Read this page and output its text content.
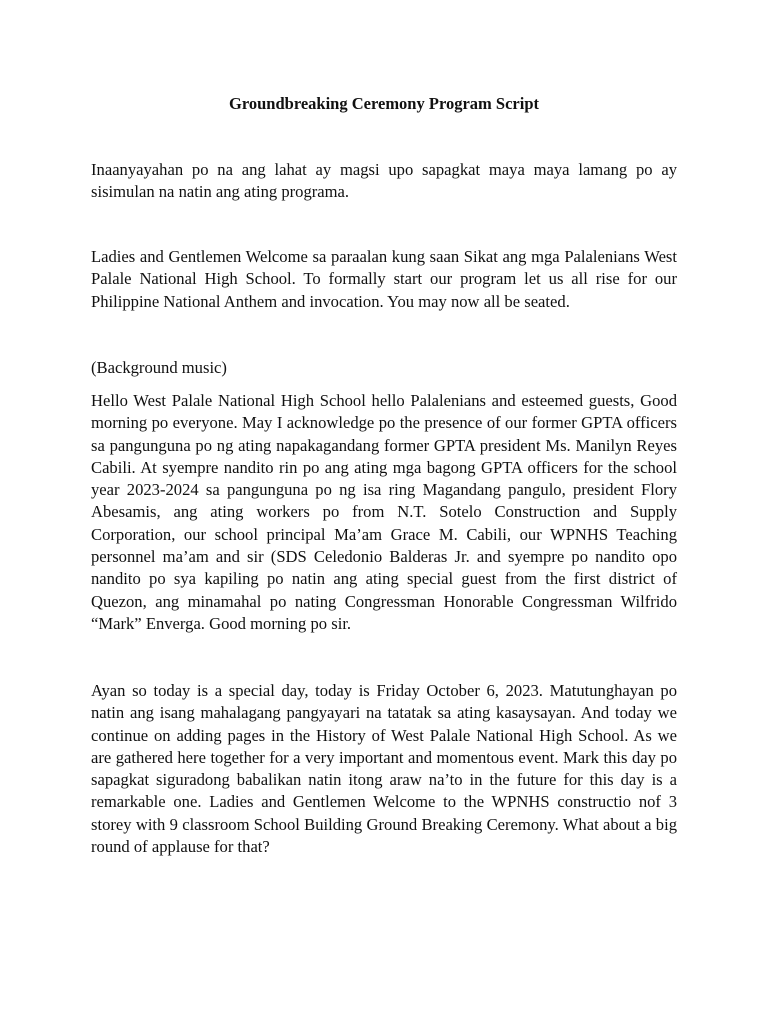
Groundbreaking Ceremony Program Script

Inaanyayahan po na ang lahat ay magsi upo sapagkat maya maya lamang po ay sisimulan na natin ang ating programa.

Ladies and Gentlemen Welcome sa paraalan kung saan Sikat ang mga Palalenians West Palale National High School. To formally start our program let us all rise for our Philippine National Anthem and invocation. You may now all be seated.

(Background music)

Hello West Palale National High School hello Palalenians and esteemed guests, Good morning po everyone. May I acknowledge po the presence of our former GPTA officers sa pangunguna po ng ating napakagandang former GPTA president Ms. Manilyn Reyes Cabili. At syempre nandito rin po ang ating mga bagong GPTA officers for the school year 2023-2024 sa pangunguna po ng isa ring Magandang pangulo, president Flory Abesamis, ang ating workers po from N.T. Sotelo Construction and Supply Corporation, our school principal Ma’am Grace M. Cabili, our WPNHS Teaching personnel ma’am and sir (SDS Celedonio Balderas Jr. and syempre po nandito opo nandito po sya kapiling po natin ang ating special guest from the first district of Quezon, ang minamahal po nating Congressman Honorable Congressman Wilfrido “Mark” Enverga. Good morning po sir.

Ayan so today is a special day, today is Friday October 6, 2023. Matutunghayan po natin ang isang mahalagang pangyayari na tatatak sa ating kasaysayan. And today we continue on adding pages in the History of West Palale National High School. As we are gathered here together for a very important and momentous event. Mark this day po sapagkat siguradong babalikan natin itong araw na’to in the future for this day is a remarkable one. Ladies and Gentlemen Welcome to the WPNHS constructio nof 3 storey with 9 classroom School Building Ground Breaking Ceremony. What about a big round of applause for that?
